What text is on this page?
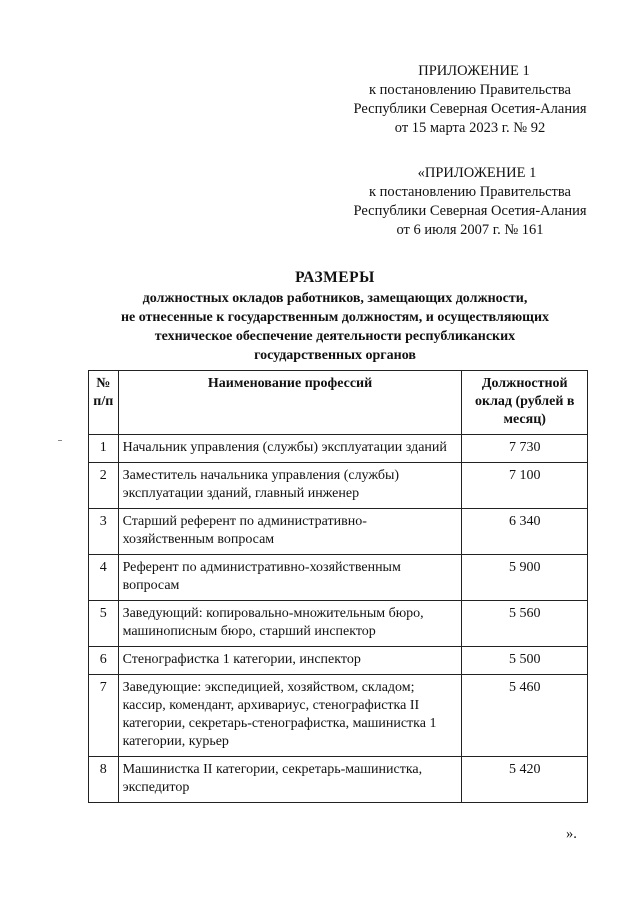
ПРИЛОЖЕНИЕ 1
к постановлению Правительства
Республики Северная Осетия-Алания
от 15 марта 2023 г. № 92
«ПРИЛОЖЕНИЕ 1
к постановлению Правительства
Республики Северная Осетия-Алания
от 6 июля 2007 г. № 161
РАЗМЕРЫ
должностных окладов работников, замещающих должности,
не отнесенные к государственным должностям, и осуществляющих
техническое обеспечение деятельности республиканских
государственных органов
№ п/п	Наименование профессий	Должностной оклад (рублей в месяц)
1	Начальник управления (службы) эксплуатации зданий	7 730
2	Заместитель начальника управления (службы) эксплуатации зданий, главный инженер	7 100
3	Старший референт по административно-хозяйственным вопросам	6 340
4	Референт по административно-хозяйственным вопросам	5 900
5	Заведующий: копировально-множительным бюро, машинописным бюро, старший инспектор	5 560
6	Стенографистка 1 категории, инспектор	5 500
7	Заведующие: экспедицией, хозяйством, складом; кассир, комендант, архивариус, стенографистка II категории, секретарь-стенографистка, машинистка 1 категории, курьер	5 460
8	Машинистка II категории, секретарь-машинистка, экспедитор	5 420
».
